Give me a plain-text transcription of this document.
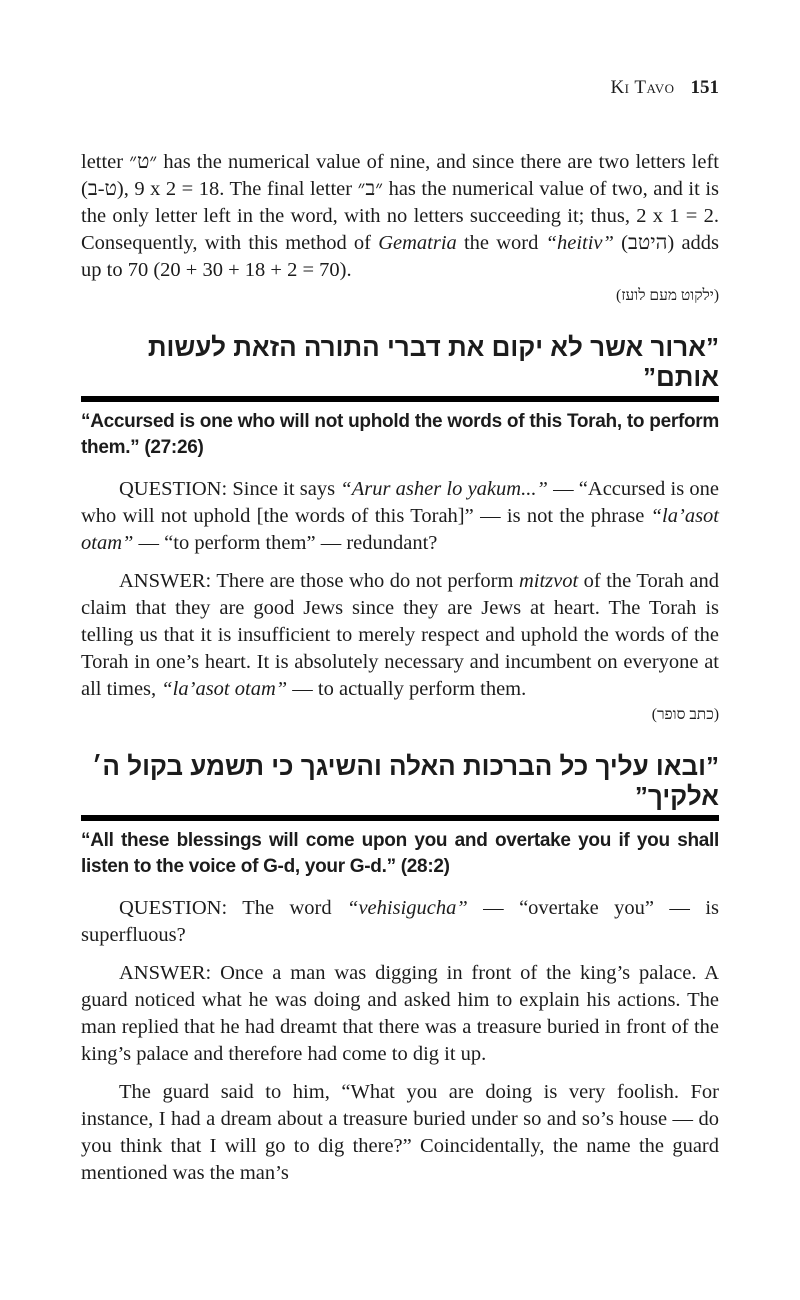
Ki Tavo 151

letter ״ט״ has the numerical value of nine, and since there are two letters left (ט-ב), 9 x 2 = 18. The final letter ״ב״ has the numerical value of two, and it is the only letter left in the word, with no letters succeeding it; thus, 2 x 1 = 2. Consequently, with this method of Gematria the word “heitiv” (היטב) adds up to 70 (20 + 30 + 18 + 2 = 70).

(ילקוט מעם לועז)
”ארור אשר לא יקום את דברי התורה הזאת לעשות אותם”

“Accursed is one who will not uphold the words of this Torah, to perform them.” (27:26)

QUESTION: Since it says “Arur asher lo yakum...” — “Accursed is one who will not uphold [the words of this Torah]” — is not the phrase “la’asot otam” — “to perform them” — redundant?

ANSWER: There are those who do not perform mitzvot of the Torah and claim that they are good Jews since they are Jews at heart. The Torah is telling us that it is insufficient to merely respect and uphold the words of the Torah in one’s heart. It is absolutely necessary and incumbent on everyone at all times, “la’asot otam” — to actually perform them.

(כתב סופר)
”ובאו עליך כל הברכות האלה והשיגך כי תשמע בקול ה׳ אלקיך”

“All these blessings will come upon you and overtake you if you shall listen to the voice of G-d, your G-d.” (28:2)

QUESTION: The word “vehisigucha” — “overtake you” — is superfluous?

ANSWER: Once a man was digging in front of the king’s palace. A guard noticed what he was doing and asked him to explain his actions. The man replied that he had dreamt that there was a treasure buried in front of the king’s palace and therefore had come to dig it up.

The guard said to him, “What you are doing is very foolish. For instance, I had a dream about a treasure buried under so and so’s house — do you think that I will go to dig there?” Coincidentally, the name the guard mentioned was the man’s
